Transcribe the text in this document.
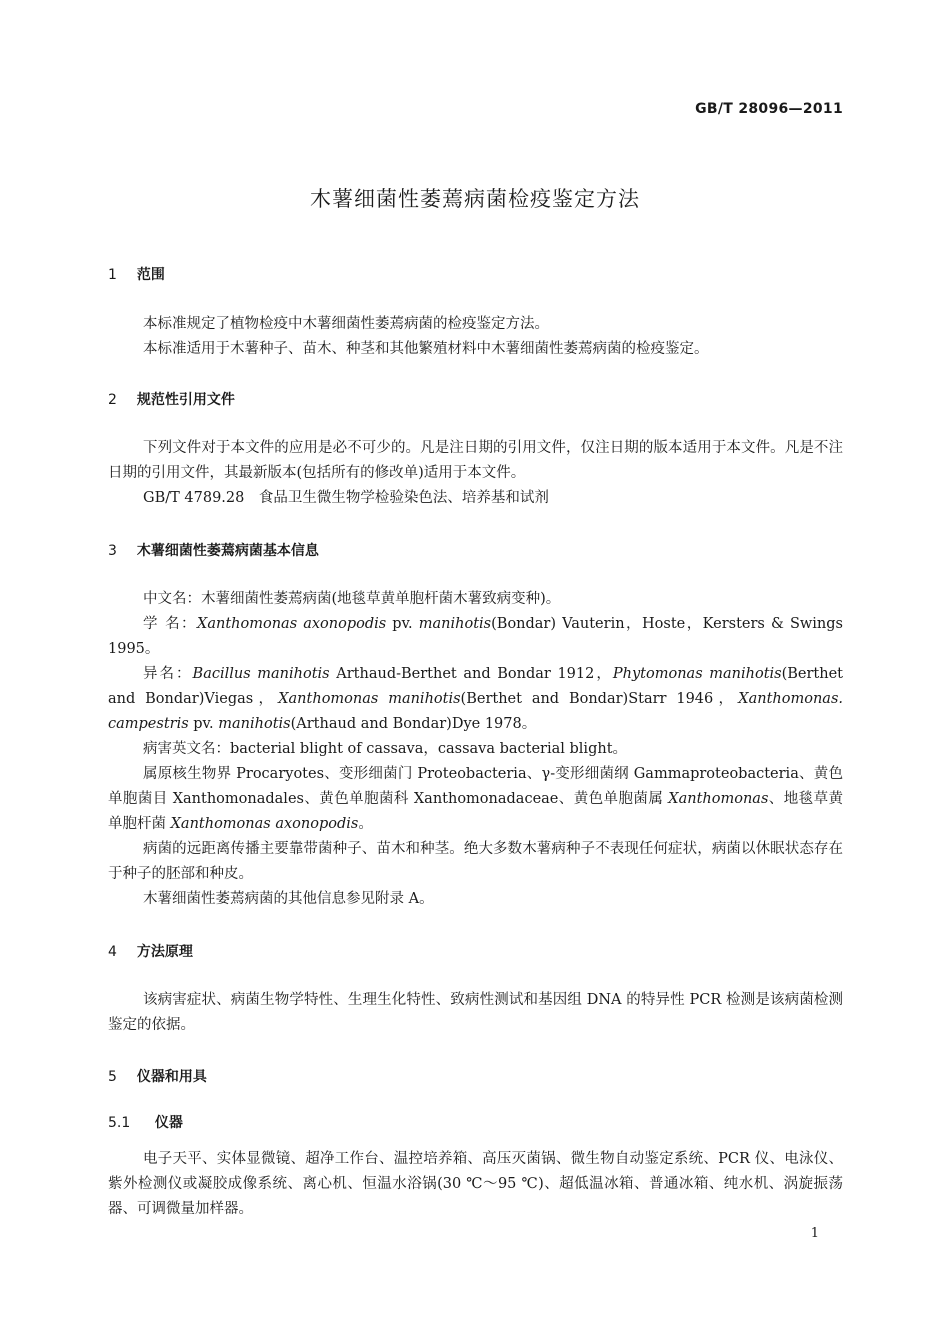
GB/T 28096—2011
木薯细菌性萎蔫病菌检疫鉴定方法
1 范围
本标准规定了植物检疫中木薯细菌性萎蔫病菌的检疫鉴定方法。
本标准适用于木薯种子、苗木、种茎和其他繁殖材料中木薯细菌性萎蔫病菌的检疫鉴定。
2 规范性引用文件
下列文件对于本文件的应用是必不可少的。凡是注日期的引用文件，仅注日期的版本适用于本文件。凡是不注日期的引用文件，其最新版本(包括所有的修改单)适用于本文件。
GB/T 4789.28　食品卫生微生物学检验染色法、培养基和试剂
3 木薯细菌性萎蔫病菌基本信息
中文名：木薯细菌性萎蔫病菌(地毯草黄单胞杆菌木薯致病变种)。
学 名：Xanthomonas axonopodis pv. manihotis(Bondar) Vauterin，Hoste，Kersters & Swings 1995。
异名：Bacillus manihotis Arthaud-Berthet and Bondar 1912，Phytomonas manihotis(Berthet and Bondar)Viegas，Xanthomonas manihotis(Berthet and Bondar)Starr 1946，Xanthomonas. campestris pv. manihotis(Arthaud and Bondar)Dye 1978。
病害英文名：bacterial blight of cassava，cassava bacterial blight。
属原核生物界 Procaryotes、变形细菌门 Proteobacteria、γ-变形细菌纲 Gammaproteobacteria、黄色单胞菌目 Xanthomonadales、黄色单胞菌科 Xanthomonadaceae、黄色单胞菌属 Xanthomonas、地毯草黄单胞杆菌 Xanthomonas axonopodis。
病菌的远距离传播主要靠带菌种子、苗木和种茎。绝大多数木薯病种子不表现任何症状，病菌以休眠状态存在于种子的胚部和种皮。
木薯细菌性萎蔫病菌的其他信息参见附录 A。
4 方法原理
该病害症状、病菌生物学特性、生理生化特性、致病性测试和基因组 DNA 的特异性 PCR 检测是该病菌检测鉴定的依据。
5 仪器和用具
5.1 仪器
电子天平、实体显微镜、超净工作台、温控培养箱、高压灭菌锅、微生物自动鉴定系统、PCR 仪、电泳仪、紫外检测仪或凝胶成像系统、离心机、恒温水浴锅(30 ℃～95 ℃)、超低温冰箱、普通冰箱、纯水机、涡旋振荡器、可调微量加样器。
1
